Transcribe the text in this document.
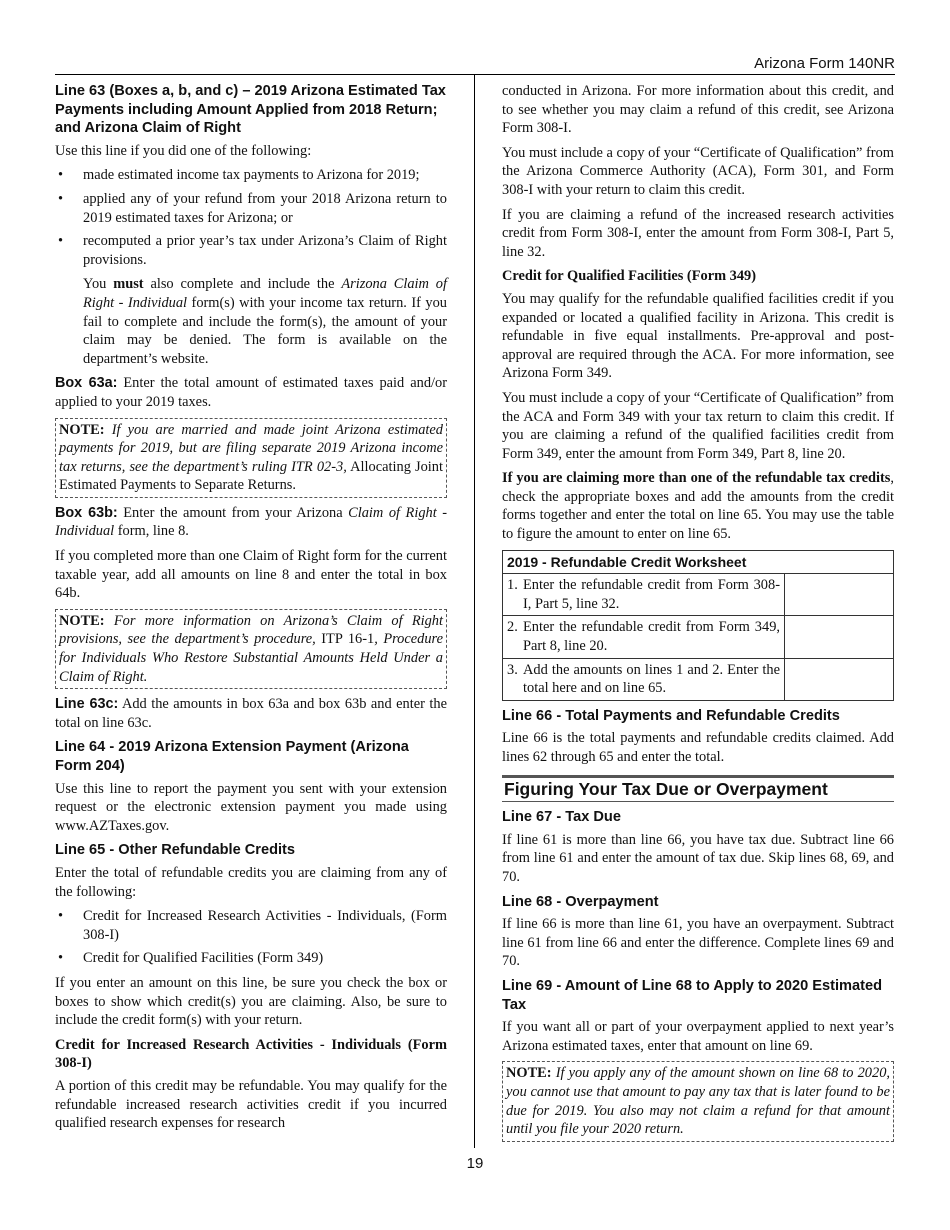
Arizona Form 140NR
Line 63 (Boxes a, b, and c) – 2019 Arizona Estimated Tax Payments including Amount Applied from 2018 Return; and Arizona Claim of Right

Use this line if you did one of the following:

• made estimated income tax payments to Arizona for 2019;
• applied any of your refund from your 2018 Arizona return to 2019 estimated taxes for Arizona; or
• recomputed a prior year’s tax under Arizona’s Claim of Right provisions.

You must also complete and include the Arizona Claim of Right - Individual form(s) with your income tax return. If you fail to complete and include the form(s), the amount of your claim may be denied. The form is available on the department’s website.

Box 63a: Enter the total amount of estimated taxes paid and/or applied to your 2019 taxes.

NOTE: If you are married and made joint Arizona estimated payments for 2019, but are filing separate 2019 Arizona income tax returns, see the department’s ruling ITR 02-3, Allocating Joint Estimated Payments to Separate Returns.

Box 63b: Enter the amount from your Arizona Claim of Right - Individual form, line 8.

If you completed more than one Claim of Right form for the current taxable year, add all amounts on line 8 and enter the total in box 64b.

NOTE: For more information on Arizona’s Claim of Right provisions, see the department’s procedure, ITP 16-1, Procedure for Individuals Who Restore Substantial Amounts Held Under a Claim of Right.

Line 63c: Add the amounts in box 63a and box 63b and enter the total on line 63c.

Line 64 - 2019 Arizona Extension Payment (Arizona Form 204)

Use this line to report the payment you sent with your extension request or the electronic extension payment you made using www.AZTaxes.gov.

Line 65 - Other Refundable Credits

Enter the total of refundable credits you are claiming from any of the following:

• Credit for Increased Research Activities - Individuals, (Form 308-I)
• Credit for Qualified Facilities (Form 349)

If you enter an amount on this line, be sure you check the box or boxes to show which credit(s) you are claiming. Also, be sure to include the credit form(s) with your return.

Credit for Increased Research Activities - Individuals (Form 308-I)

A portion of this credit may be refundable. You may qualify for the refundable increased research activities credit if you incurred qualified research expenses for research

conducted in Arizona. For more information about this credit, and to see whether you may claim a refund of this credit, see Arizona Form 308-I.

You must include a copy of your “Certificate of Qualification” from the Arizona Commerce Authority (ACA), Form 301, and Form 308-I with your return to claim this credit.

If you are claiming a refund of the increased research activities credit from Form 308-I, enter the amount from Form 308-I, Part 5, line 32.

Credit for Qualified Facilities (Form 349)

You may qualify for the refundable qualified facilities credit if you expanded or located a qualified facility in Arizona. This credit is refundable in five equal installments. Pre-approval and post-approval are required through the ACA. For more information, see Arizona Form 349.

You must include a copy of your “Certificate of Qualification” from the ACA and Form 349 with your tax return to claim this credit. If you are claiming a refund of the qualified facilities credit from Form 349, enter the amount from Form 349, Part 8, line 20.

If you are claiming more than one of the refundable tax credits, check the appropriate boxes and add the amounts from the credit forms together and enter the total on line 65. You may use the table to figure the amount to enter on line 65.

2019 - Refundable Credit Worksheet	

1. Enter the refundable credit from Form 308-I, Part 5, line 32.	

2. Enter the refundable credit from Form 349, Part 8, line 20.	

3. Add the amounts on lines 1 and 2. Enter the total here and on line 65.	

Line 66 - Total Payments and Refundable Credits

Line 66 is the total payments and refundable credits claimed. Add lines 62 through 65 and enter the total.

Figuring Your Tax Due or Overpayment
Line 67 - Tax Due

If line 61 is more than line 66, you have tax due. Subtract line 66 from line 61 and enter the amount of tax due. Skip lines 68, 69, and 70.

Line 68 - Overpayment

If line 66 is more than line 61, you have an overpayment. Subtract line 61 from line 66 and enter the difference. Complete lines 69 and 70.

Line 69 - Amount of Line 68 to Apply to 2020 Estimated Tax

If you want all or part of your overpayment applied to next year’s Arizona estimated taxes, enter that amount on line 69.

NOTE: If you apply any of the amount shown on line 68 to 2020, you cannot use that amount to pay any tax that is later found to be due for 2019. You also may not claim a refund for that amount until you file your 2020 return.
19
